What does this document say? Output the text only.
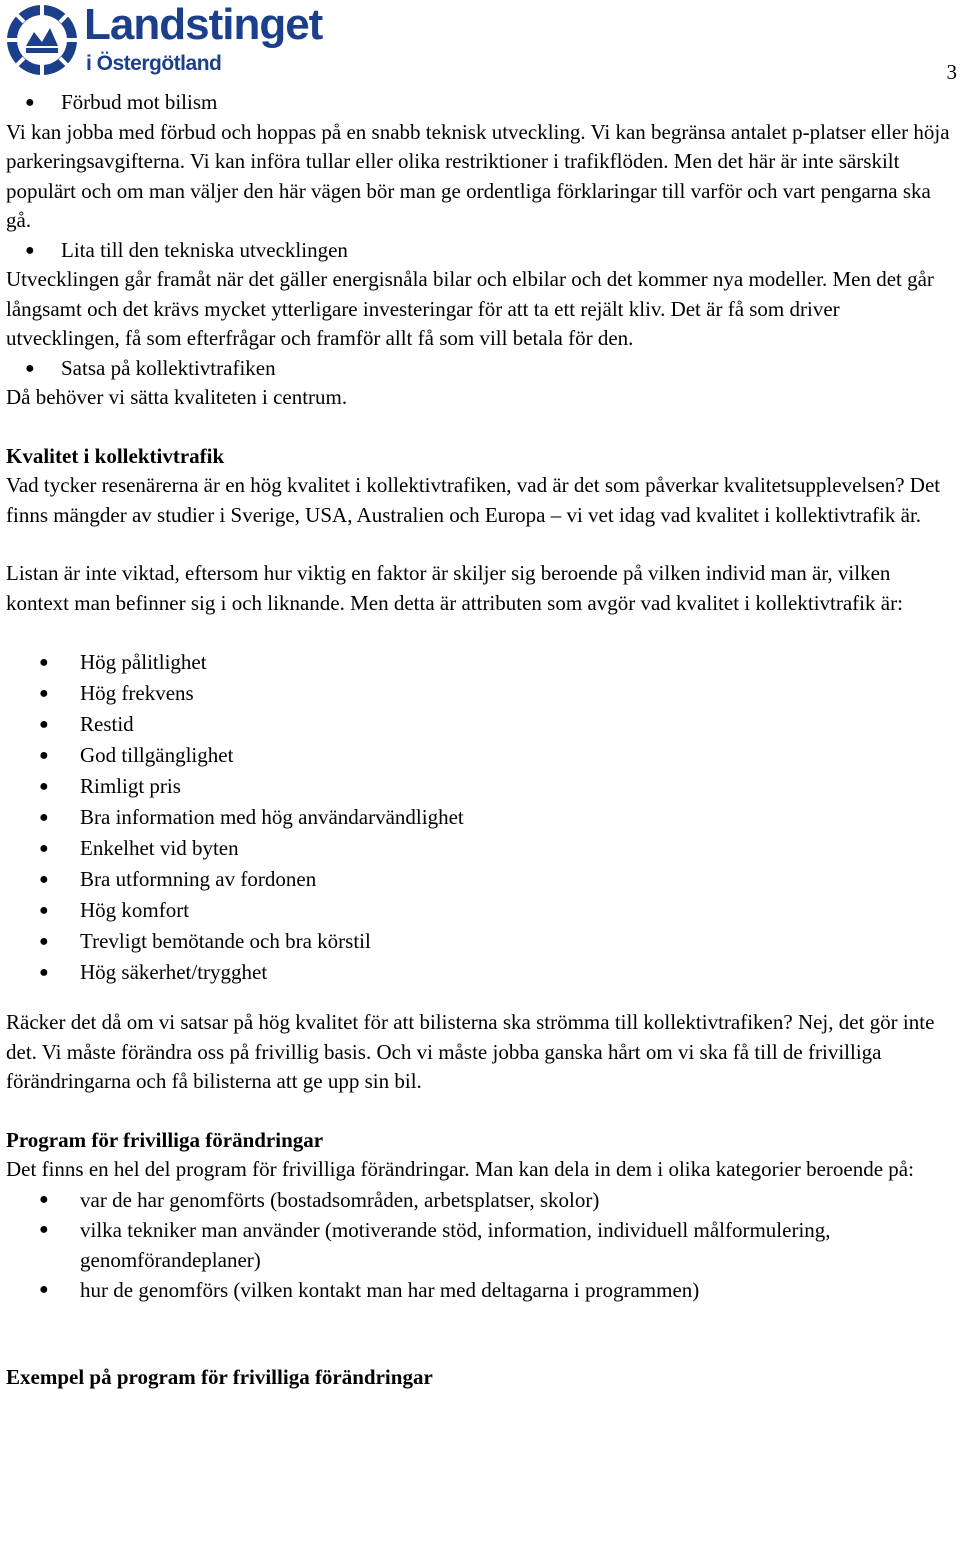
Landstinget
i Östergötland	3
● Förbud mot bilism

Vi kan jobba med förbud och hoppas på en snabb teknisk utveckling. Vi kan begränsa antalet p-platser eller höja parkeringsavgifterna. Vi kan införa tullar eller olika restriktioner i trafikflöden. Men det här är inte särskilt populärt och om man väljer den här vägen bör man ge ordentliga förklaringar till varför och vart pengarna ska gå.

● Lita till den tekniska utvecklingen

Utvecklingen går framåt när det gäller energisnåla bilar och elbilar och det kommer nya modeller. Men det går långsamt och det krävs mycket ytterligare investeringar för att ta ett rejält kliv. Det är få som driver utvecklingen, få som efterfrågar och framför allt få som vill betala för den.

● Satsa på kollektivtrafiken

Då behöver vi sätta kvaliteten i centrum.

Kvalitet i kollektivtrafik

Vad tycker resenärerna är en hög kvalitet i kollektivtrafiken, vad är det som påverkar kvalitetsupplevelsen? Det finns mängder av studier i Sverige, USA, Australien och Europa – vi vet idag vad kvalitet i kollektivtrafik är.

Listan är inte viktad, eftersom hur viktig en faktor är skiljer sig beroende på vilken individ man är, vilken kontext man befinner sig i och liknande. Men detta är attributen som avgör vad kvalitet i kollektivtrafik är:

● Hög pålitlighet
● Hög frekvens
● Restid
● God tillgänglighet
● Rimligt pris
● Bra information med hög användarvändlighet
● Enkelhet vid byten
● Bra utformning av fordonen
● Hög komfort
● Trevligt bemötande och bra körstil
● Hög säkerhet/trygghet

Räcker det då om vi satsar på hög kvalitet för att bilisterna ska strömma till kollektivtrafiken? Nej, det gör inte det. Vi måste förändra oss på frivillig basis. Och vi måste jobba ganska hårt om vi ska få till de frivilliga förändringarna och få bilisterna att ge upp sin bil.

Program för frivilliga förändringar

Det finns en hel del program för frivilliga förändringar. Man kan dela in dem i olika kategorier beroende på:

● var de har genomförts (bostadsområden, arbetsplatser, skolor)
● vilka tekniker man använder (motiverande stöd, information, individuell målformulering, genomförandeplaner)
● hur de genomförs (vilken kontakt man har med deltagarna i programmen)

Exempel på program för frivilliga förändringar
